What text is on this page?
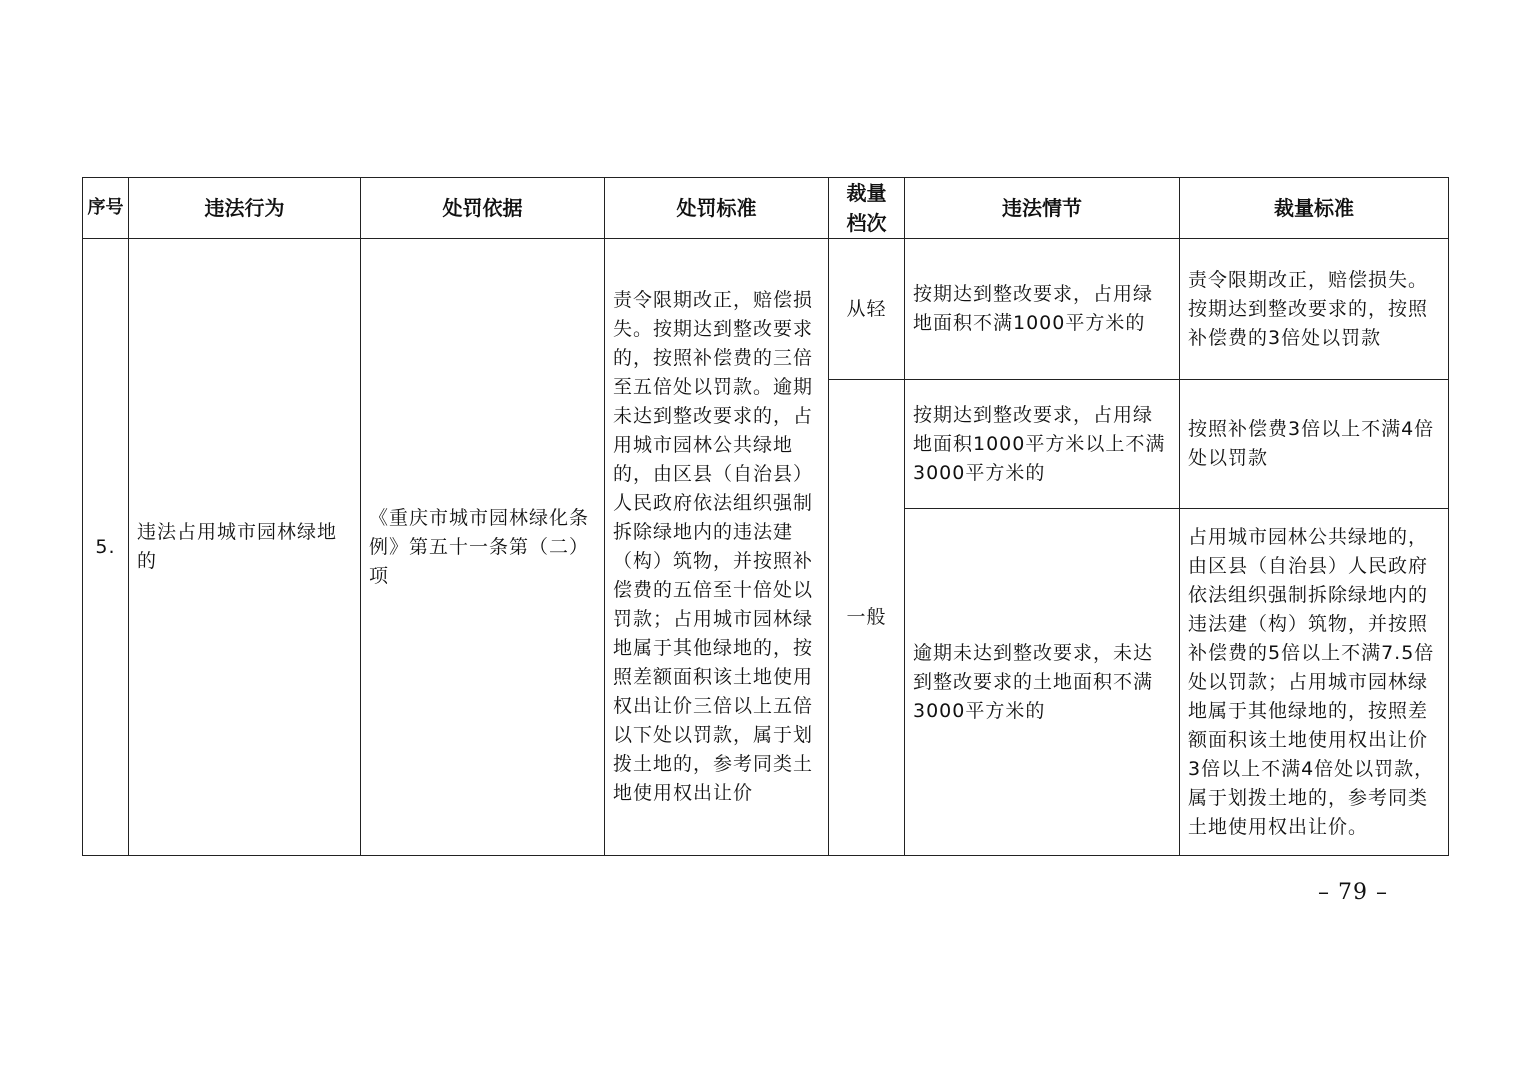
序号	违法行为	处罚依据	处罚标准	裁量档次	违法情节	裁量标准
5.	违法占用城市园林绿地的	《重庆市城市园林绿化条例》第五十一条第（二）项	责令限期改正，赔偿损失。按期达到整改要求的，按照补偿费的三倍至五倍处以罚款。逾期未达到整改要求的，占用城市园林公共绿地的，由区县（自治县）人民政府依法组织强制拆除绿地内的违法建（构）筑物，并按照补偿费的五倍至十倍处以罚款；占用城市园林绿地属于其他绿地的，按照差额面积该土地使用权出让价三倍以上五倍以下处以罚款，属于划拨土地的，参考同类土地使用权出让价	从轻	按期达到整改要求，占用绿地面积不满1000平方米的	责令限期改正，赔偿损失。按期达到整改要求的，按照补偿费的3倍处以罚款
				一般	按期达到整改要求，占用绿地面积1000平方米以上不满3000平方米的	按照补偿费3倍以上不满4倍处以罚款
					逾期未达到整改要求，未达到整改要求的土地面积不满3000平方米的	占用城市园林公共绿地的，由区县（自治县）人民政府依法组织强制拆除绿地内的违法建（构）筑物，并按照补偿费的5倍以上不满7.5倍处以罚款；占用城市园林绿地属于其他绿地的，按照差额面积该土地使用权出让价3倍以上不满4倍处以罚款，属于划拨土地的，参考同类土地使用权出让价。
– 79 –
